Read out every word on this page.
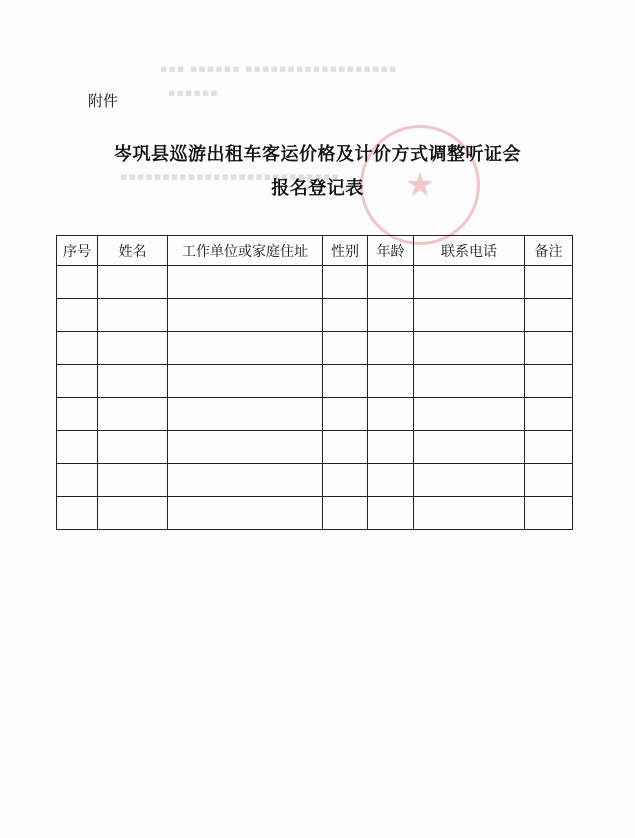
▪▪▪ ▪▪▪▪▪▪ ▪▪▪▪▪▪▪▪▪▪▪▪▪▪▪▪▪▪
▪▪▪▪▪▪
▪▪▪▪▪▪▪▪▪▪▪▪▪▪▪▪▪▪▪▪▪▪▪▪▪▪ ★
附件
岑巩县巡游出租车客运价格及计价方式调整听证会
报名登记表
序号	姓名	工作单位或家庭住址	性别	年龄	联系电话	备注
